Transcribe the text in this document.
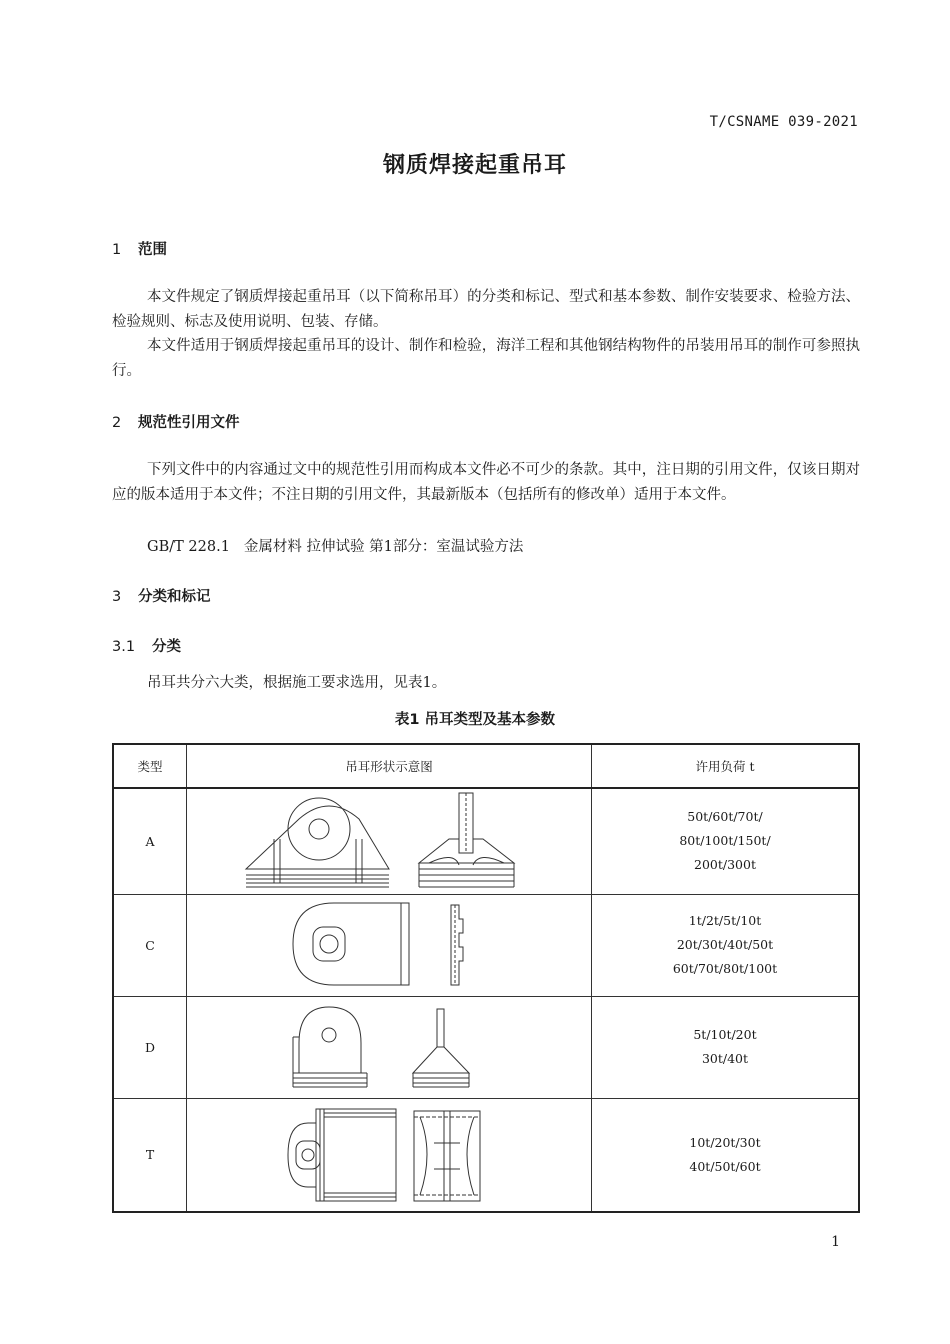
T/CSNAME 039-2021
钢质焊接起重吊耳
1 范围

本文件规定了钢质焊接起重吊耳（以下简称吊耳）的分类和标记、型式和基本参数、制作安装要求、检验方法、检验规则、标志及使用说明、包装、存储。

本文件适用于钢质焊接起重吊耳的设计、制作和检验，海洋工程和其他钢结构物件的吊装用吊耳的制作可参照执行。

2 规范性引用文件

下列文件中的内容通过文中的规范性引用而构成本文件必不可少的条款。其中，注日期的引用文件，仅该日期对应的版本适用于本文件；不注日期的引用文件，其最新版本（包括所有的修改单）适用于本文件。

GB/T 228.1 金属材料 拉伸试验 第1部分：室温试验方法
3 分类和标记
3.1 分类

吊耳共分六大类，根据施工要求选用，见表1。

表1 吊耳类型及基本参数
类型	吊耳形状示意图	许用负荷 t
A		50t/60t/70t/
80t/100t/150t/
200t/300t

C		1t/2t/5t/10t
20t/30t/40t/50t
60t/70t/80t/100t

D		5t/10t/20t
30t/40t

T		10t/20t/30t
40t/50t/60t
1
